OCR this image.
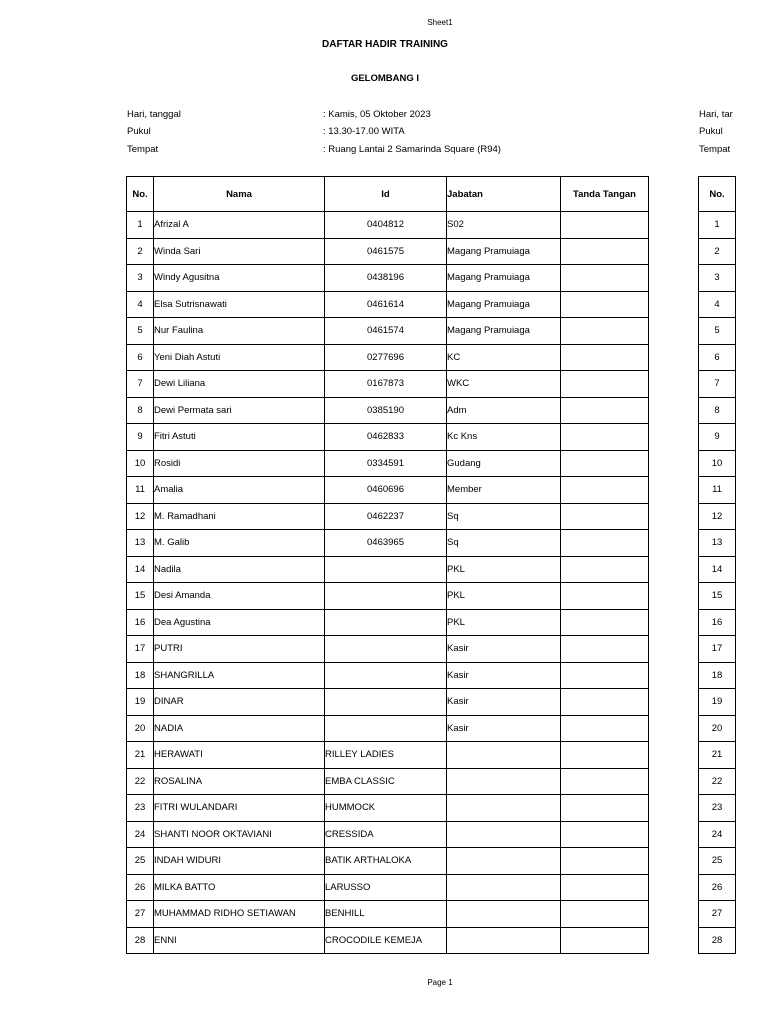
Sheet1
DAFTAR HADIR TRAINING
GELOMBANG I
Hari, tanggal	: Kamis, 05 Oktober 2023
Pukul	: 13.30-17.00 WITA
Tempat	: Ruang Lantai 2 Samarinda Square (R94)
Hari, tar
Pukul
Tempat
No.	Nama	Id	Jabatan	Tanda Tangan
1	Afrizal A	0404812	S02	
2	Winda Sari	0461575	Magang Pramuiaga	
3	Windy Agusitna	0438196	Magang Pramuiaga	
4	Elsa Sutrisnawati	0461614	Magang Pramuiaga	
5	Nur Faulina	0461574	Magang Pramuiaga	
6	Yeni Diah Astuti	0277696	KC	
7	Dewi Liliana	0167873	WKC	
8	Dewi Permata sari	0385190	Adm	
9	Fitri Astuti	0462833	Kc Kns	
10	Rosidi	0334591	Gudang	
11	Amalia	0460696	Member	
12	M. Ramadhani	0462237	Sq	
13	M. Galib	0463965	Sq	
14	Nadila		PKL	
15	Desi Amanda		PKL	
16	Dea Agustina		PKL	
17	PUTRI		Kasir	
18	SHANGRILLA		Kasir	
19	DINAR		Kasir	
20	NADIA		Kasir	
21	HERAWATI	RILLEY LADIES		
22	ROSALINA	EMBA CLASSIC		
23	FITRI WULANDARI	HUMMOCK		
24	SHANTI NOOR OKTAVIANI	CRESSIDA		
25	INDAH WIDURI	BATIK ARTHALOKA		
26	MILKA BATTO	LARUSSO		
27	MUHAMMAD RIDHO SETIAWAN	BENHILL		
28	ENNI	CROCODILE KEMEJA		
No.
1
2
3
4
5
6
7
8
9
10
11
12
13
14
15
16
17
18
19
20
21
22
23
24
25
26
27
28
Page 1
